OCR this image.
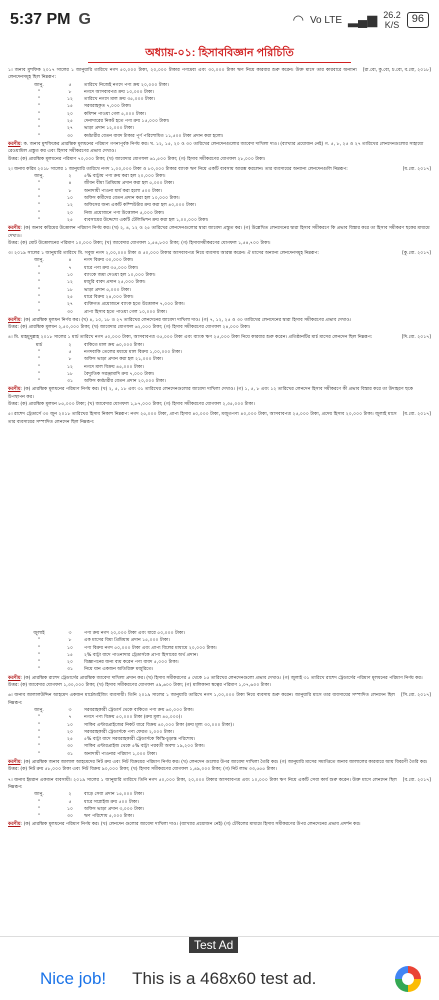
5:37 PM G	◠ Vo LTE ▂▄▆ 26.2
K/S	96
অধ্যায়-০১: হিসাববিজ্ঞান পরিচিতি
[রা.বো, কু.বো, চ.বো, ব.বো, ২০১৮]
১। জনাব মুশফিক ২০১৭ সালের ১ জানুয়ারি তারিখে নগদ ৫০,০০০ টাকা, ২০,০০০ টাকার পণ্যদ্রব্য এবং ৩০,০০০ টাকা ঋণ নিয়ে কারবার শুরু করেন। উক্ত মাসে তার কারবারে অন্যান্য লেনদেনসমূহ ছিল নিম্নরূপ:
জানু.	৫	তারিখে নিজেই নগদে পণ্য ক্রয় ২০,০০০ টাকা।
"	৮	নগদে আসবাবপত্র ক্রয় ১০,০০০ টাকা।
"	১২	তারিখে নগদে মাল ক্রয় ৩৫,০০০ টাকা।
"	১৫	সরবরাহকৃত ৭,০০০ টাকা।
"	২০	কমিশন পাওয়া গেল ৫,০০০ টাকা।
"	২৫	দেনাদারের নিকট হতে পণ্য ক্রয় ১৫,০০০ টাকা।
"	২৭	ভাড়া প্রদান ১২,০০০ টাকা।
"	৩০	কর্মচারীর বেতন বাবদ টাকার পূর্ণ পরিশোধিত ১১,৫০০ টাকা প্রদান করা হলো।
করণীয়: ক. জনাব মুশফিকের প্রারম্ভিক মূলধনের পরিমাণ গণনাপূর্বক নির্ণয় কর। খ. ১২, ১৫, ২০ ও ৩০ তারিখের লেনদেনগুলোর জাবেদা দাখিলা দাও। (ব্যাখ্যার প্রয়োজন নেই) গ. ৫, ৮, ২৫ ও ২৭ তারিখের লেনদেনগুলোর সাহায্যে রেওয়ামিল প্রস্তুত কর এবং হিসাব সমীকরণের প্রভাব দেখাও।
উত্তর: (ক) প্রারম্ভিক মূলধনের পরিমাণ ৭০,০০০ টাকা; (খ) জাবেদার যোগফল ৬১,৫০০ টাকা; (গ) হিসাব সমীকরণের যোগফল ২৮,০০০ টাকা।
[য.বো. ২০১৭]
২। জনাব করিম ২০১৮ সালের ১ জানুয়ারি তারিখে নগদ ১,০০,০০০ টাকা ও ৮০,০০০ টাকার ব্যাংক ঋণ নিয়ে একটি ব্যবসায় আরম্ভ করলেন। তার ব্যবসায়ের অন্যান্য লেনদেনগুলি নিম্নরূপ:
জানু.	২	৫% বাট্টায় পণ্য ক্রয় করা হল ২০,০০০ টাকা।
"	৪	জীবন বীমা প্রিমিয়াম প্রদান করা হল ৫,০০০ টাকা।
"	৮	অনাদায়ী পাওনা ধার্য করা হলো ৫০০ টাকা।
"	১০	অফিস কর্মীদের বেতন প্রদান করা হল ১০,০০০ টাকা।
"	১২	অফিসের জন্য একটি কম্পিউটার ক্রয় করা হল ৪০,০০০ টাকা।
"	২০	নিজ প্রয়োজনে পণ্য উত্তোলন ৫,০০০ টাকা।
"	২৫	ব্যবসায়ের উদ্দেশ্যে একটি টেলিভিশন ক্রয় করা হল ১,০০,০০০ টাকা।
করণীয়: (ক) জনাব করিমের উত্তোলন পরিমাণ নির্ণয় কর। (খ) ২, ৪, ১২ ও ২৫ তারিখের লেনদেনগুলোর দ্বারা জাবেদা প্রস্তুত কর। (গ) উল্লেখিত লেনদেনের দ্বারা হিসাব সমীকরণে কি প্রভাব বিস্তার করে তা হিসাব সমীকরণ ছকের মাধ্যমে দেখাও।
উত্তর: (ক) মোট উত্তোলনের পরিমাণ ১০,০০০ টাকা; (খ) জাবেদার যোগফল ১,৫৪,৮০০ টাকা; (গ) হিসাবসমীকরণের যোগফল ১,৫৪,৭০০ টাকা।
[কু.বো. ২০১৭]
৩। ২০১৯ সালের ১ জানুয়ারি তারিখে মি. সবুজ নগদ ২,০০,০০০ টাকা ও ৫০,০০০ টাকার আসবাবপত্র নিয়ে ব্যবসায় আরম্ভ করেন। ঐ মাসের অন্যান্য লেনদেনসমূহ নিম্নরূপ:
জানু.	৪	নগদ বিক্রয় ৩০,০০০ টাকা।
"	৭	ধারে পণ্য ক্রয় ৩৫,০০০ টাকা।
"	১০	ব্যাংকে জমা দেওয়া হল ১০,০০০ টাকা।
"	১২	মজুরি বাবদ প্রদান ২৫,০০০ টাকা।
"	১৮	ভাড়া প্রদান ৫,০০০ টাকা।
"	২৫	ধারে বিক্রয় ২৪,০০০ টাকা।
"	২৭	ব্যক্তিগত প্রয়োজনে ব্যাংক হতে উত্তোলন ৭,০০০ টাকা।
"	৩০	প্রাপ্য হিসাব হতে পাওয়া গেল ১০,০০০ টাকা।
করণীয়: (ক) প্রারম্ভিক মূলধন নির্ণয় কর। (খ) ৪, ১০, ১৮ ও ২৭ তারিখের লেনদেনের জাবেদা দাখিলা দাও। (গ) ৭, ১২, ২৫ ও ৩০ তারিখের লেনদেনের দ্বারা হিসাব সমীকরণের প্রভাব দেখাও।
উত্তর: (ক) প্রারম্ভিক মূলধন ২,৫০,০০০ টাকা; (খ) জাবেদার যোগফল ৬২,০০০ টাকা; (গ) হিসাব সমীকরণের যোগফল ২৪,০০০ টাকা।
[দি.বো. ২০১৭]
৪। মি. মাহমুদুল্লাহ ২০১৮ সালের ১ মার্চ তারিখে নগদ ৫০,০০০ টাকা, আসবাবপত্র ৩৫,০০০ টাকা এবং ব্যাংক ঋণ ২৫,০০০ টাকা নিয়ে কারবার শুরু করেন। প্রতিষ্ঠানটির মার্চ মাসের লেনদেন ছিল নিম্নরূপ:
মার্চ	২	বাকিতে মাল ক্রয় ৬০,০০০ টাকা।
"	৫	নগদবাকি তেলের মধ্যমে মাল বিক্রয় ১,০০,০০০ টাকা।
"	৮	অফিস ভাড়া প্রদান করা হল ২১,০০০ টাকা।
"	১২	নগদে মাল বিক্রয় ৪৫,০০০ টাকা।
"	১৮	বৈদ্যুতিক সরঞ্জামাদি ক্রয় ৭,০০০ টাকা।
"	৩১	অফিস কর্মচারীর বেতন প্রদান ২০,০০০ টাকা।
করণীয়: (ক) প্রারম্ভিক মূলধনের পরিমাণ নির্ণয় কর। (খ) ২, ৫, ১৮ এবং ৩১ তারিখের লেনদেনগুলোর জাবেদা দাখিলা দেখাও। (গ) ১, ৫, ৮ এবং ১২ তারিখের লেনদেন হিসাব সমীকরণে কী প্রভাব বিস্তার করে তা উদাহরণ ছকে উপস্থাপন কর।
উত্তর: (ক) প্রারম্ভিক মূলধন ৮৫,০০০ টাকা; (খ) জাবেদার যোগফল ১,৮৭,০০০ টাকা; (গ) হিসাব সমীকরণের যোগফল ২,৩৫,০০০ টাকা।
[য.বো. ২০১৭]
৫। রাশেদ ট্রেডার্সে ৩০ জুন ২০১৮ তারিখের হিসাব নিকাশ নিম্নরূপ: নগদ ২৫,০০০ টাকা, প্রাপ্য হিসাব ৪০,০০০ টাকা, মজুতপণ্য ৪০,০০০ টাকা, আসবাবপত্র ২৫,০০০ টাকা, প্রদেয় হিসাব ২০,০০০ টাকা। জুলাই মাসে তার ব্যবসায়ের সম্পাদিত লেনদেন ছিল নিম্নরূপ:
জুলাই	৩	পণ্য ক্রয় নগদ ২০,০০০ টাকা এবং ধারে ৫০,০০০ টাকা।
"	৮	এক মাসের বিমা প্রিমিয়াম প্রদান ১৫,০০০ টাকা।
"	১০	পণ্য বিক্রয় নগদ ৫০,০০০ টাকা এবং প্রাপ্য বিলের মাধ্যমে ২০,০০০ টাকা।
"	১৫	২% বাট্টা বাদে পাওনাদার ট্রেডার্সকে প্রাপ্য হিসাবের অর্থ প্রদান।
"	২০	বিজ্ঞাপনের জন্য ব্যয় করেন পণ্য বাবদ ৫,০০০ টাকা।
"	৩১	নিয়ে যান একজন অতিরিক্ত মজুরিতে।
করণীয়: (ক) প্রারম্ভিক রাশেদ ট্রেডার্সের প্রারম্ভিক জাবেদা দাখিলা প্রদান কর। (খ) হিসাব সমীকরণের ৫ থেকে ১৫ তারিখের লেনদেনগুলো প্রভাব দেখাও। (গ) জুলাই ৩১ তারিখে রাশেদ ট্রেডার্সের পরিমাণ মূলধনের পরিমাণ নির্ণয় কর।
উত্তর: (ক) জাবেদার যোগফল ১,৩০,০০০ টাকা; (খ) হিসাব সমীকরণের যোগফল ৫৯,৬০০ টাকা; (গ) মালিকানা স্বত্বের পরিমাণ ১,০৭,৬০০ টাকা।
[সি.বো. ২০১৭]
৬। জনাব জালালউদ্দিন আহমেদ একজন মার্চেন্ডাইজিং ব্যবসায়ী। তিনি ২০১৯ সালের ১ জানুয়ারি তারিখে নগদ ১,০০,০০০ টাকা নিয়ে ব্যবসায় শুরু করেন। জানুয়ারি মাসে তার ব্যবসায়ের সম্পাদিত লেনদেন ছিল নিম্নরূপ:
জানু.	৩	সরবরাহকারী ট্রেডার্স থেকে বাকিতে পণ্য ক্রয় ৬০,০০০ টাকা।
"	৭	নগদে পণ্য বিক্রয় ৫০,০০০ টাকা (ক্রয় মূল্য ৪৫,০০০)।
"	১০	সাকিব এন্টারপ্রাইজের নিকট ধারে বিক্রয় ৪০,০০০ টাকা (ক্রয় মূল্য ৩০,০০০ টাকা)।
"	২০	সরবরাহকারী ট্রেডার্সকে পণ্য ফেরত ২,০০০ টাকা।
"	২৫	৫% বাট্টা বাদে সরবরাহকারী ট্রেডার্সকে কিস্তি-চূড়ান্ত পরিশোধ।
"	৩০	সাকিব এন্টারপ্রাইজ থেকে ৫% বাট্টা পরবর্তী অবশ্য ১৯,২০০ টাকা।
"	৩১	অনাদায়ী পাওনার পরিমাণ ১,০০০ টাকা।
করণীয়: (ক) প্রারম্ভিক জনাব জালাল আহমেদের নিট ক্রয় এবং নিট বিক্রয়ের পরিমাণ নির্ণয় কর। (খ) লেনদেন গুলোর উপর জাবেদা দাখিলা তৈরি কর। (গ) জানুয়ারি মাসের সমাপ্তিতে জনাব জালালের কারবারে আয় বিবরণী তৈরি কর।
উত্তর: (ক) নিট ক্রয় ৫৮,০০০ টাকা এবং নিট বিক্রয় ৯০,০০০ টাকা; (খ) হিসাব সমীকরণের যোগফল ১,৪৯,০০০ টাকা; (গ) নিট লাভ ৩৩,৫৫৫ টাকা।
[ব.বো. ২০১৭]
৭। জনাব ইমরান একজন ব্যবসায়ী। ২০১৯ সালের ১ জানুয়ারি তারিখে তিনি নগদ ৫০,০০০ টাকা, ২০,০০০ টাকার আসবাবপত্র এবং ১০,০০০ টাকা ঋণ নিয়ে একটি সেবা কার্য শুরু করেন। উক্ত মাসে লেনদেন ছিল নিম্নরূপ:
জানু.	২	বাড়ে সেবা প্রদান ১৫,০০০ টাকা।
"	৫	ধারে সাপ্লাইজ ক্রয় ৫০০ টাকা।
"	১০	অফিস ভাড়া প্রদান ৩,০০০ টাকা।
"	৩০	ঋণ পরিশোধ ৫,০০০ টাকা।
করণীয়: (ক) প্রারম্ভিক মূলধনের পরিমাণ নির্ণয় কর। (খ) লেনদেন গুলোর জাবেদা দাখিলা দাও। (ব্যাখ্যার প্রয়োজন নেই) (গ) টেবিলের মাধ্যমে হিসাব সমীকরণের উপর লেনদেনের প্রভাব প্রদর্শন কর।
Test Ad
Nice job! This is a 468x60 test ad.
